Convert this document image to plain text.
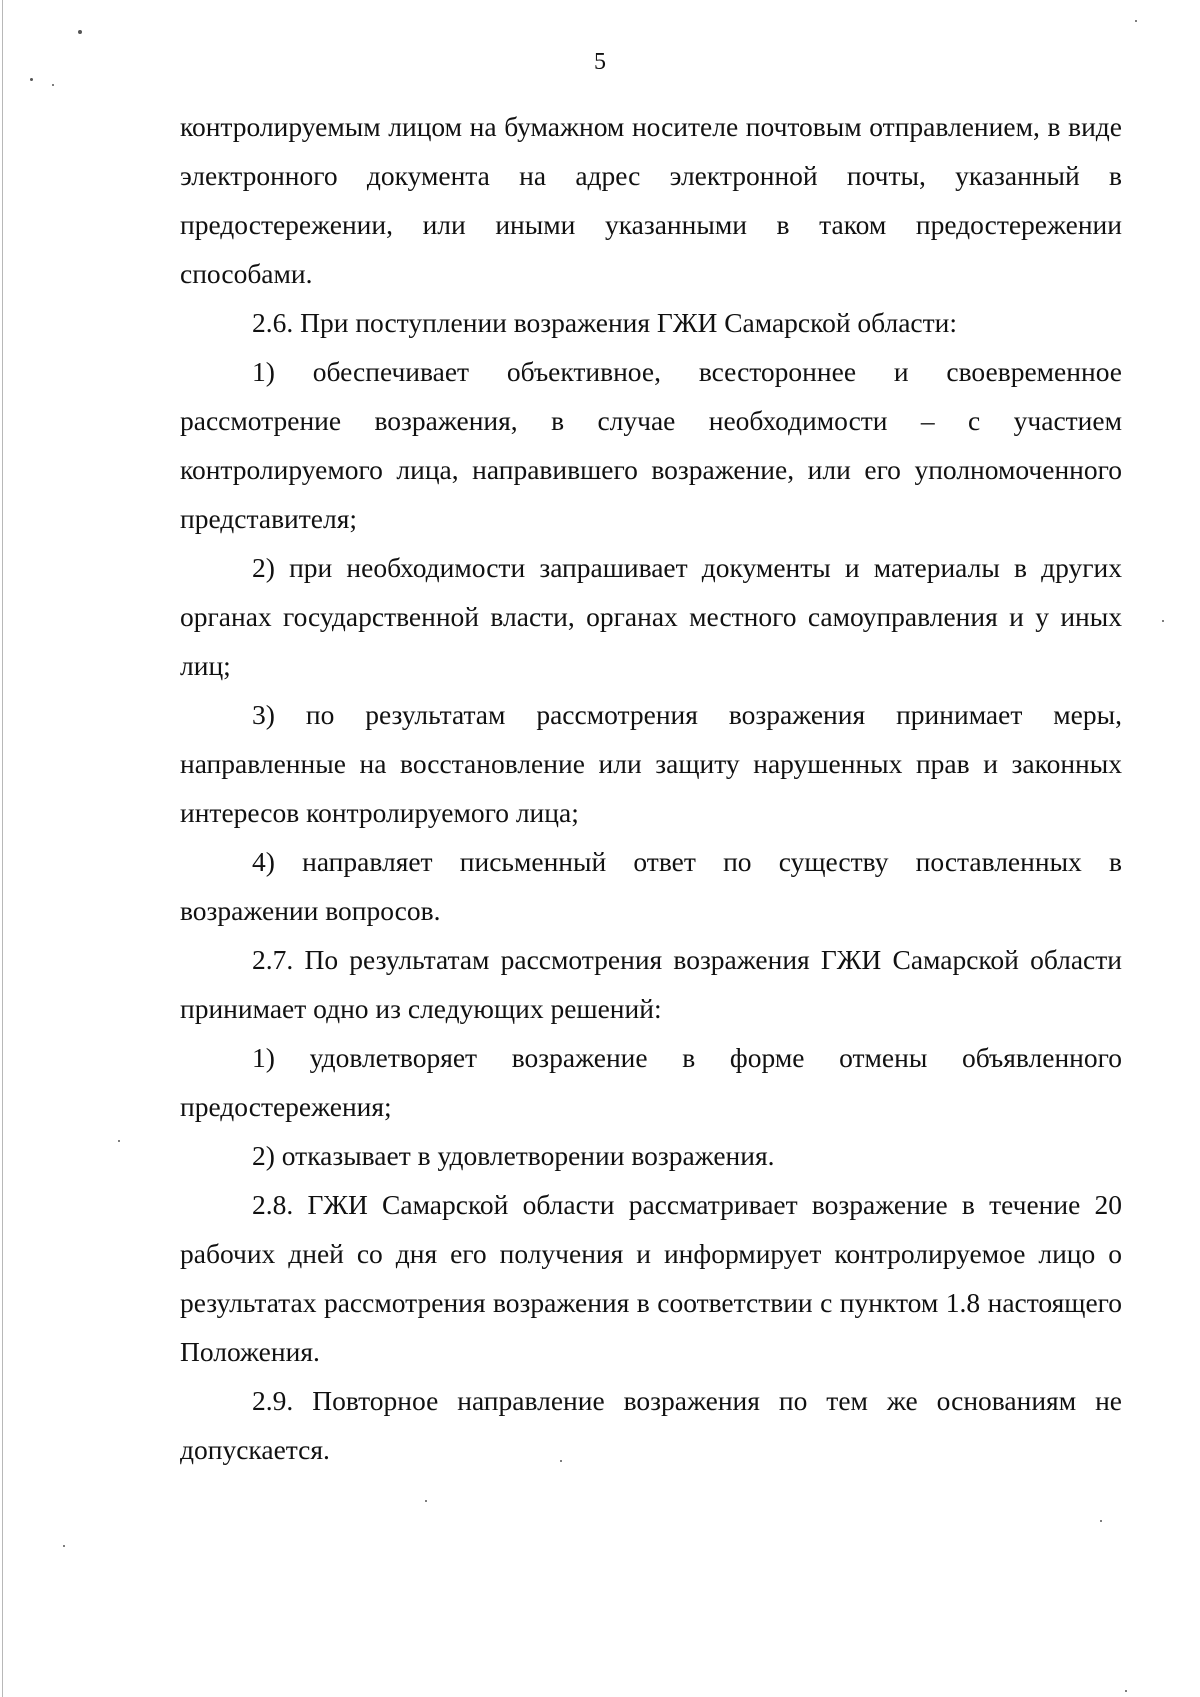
5

контролируемым лицом на бумажном носителе почтовым отправлением, в виде электронного документа на адрес электронной почты, указанный в предостережении, или иными указанными в таком предостережении способами.

2.6. При поступлении возражения ГЖИ Самарской области:

1) обеспечивает объективное, всестороннее и своевременное рассмотрение возражения, в случае необходимости – с участием контролируемого лица, направившего возражение, или его уполномоченного представителя;

2) при необходимости запрашивает документы и материалы в других органах государственной власти, органах местного самоуправления и у иных лиц;

3) по результатам рассмотрения возражения принимает меры, направленные на восстановление или защиту нарушенных прав и законных интересов контролируемого лица;

4) направляет письменный ответ по существу поставленных в возражении вопросов.

2.7. По результатам рассмотрения возражения ГЖИ Самарской области принимает одно из следующих решений:

1) удовлетворяет возражение в форме отмены объявленного предостережения;

2) отказывает в удовлетворении возражения.

2.8. ГЖИ Самарской области рассматривает возражение в течение 20 рабочих дней со дня его получения и информирует контролируемое лицо о результатах рассмотрения возражения в соответствии с пунктом 1.8 настоящего Положения.

2.9. Повторное направление возражения по тем же основаниям не допускается.
